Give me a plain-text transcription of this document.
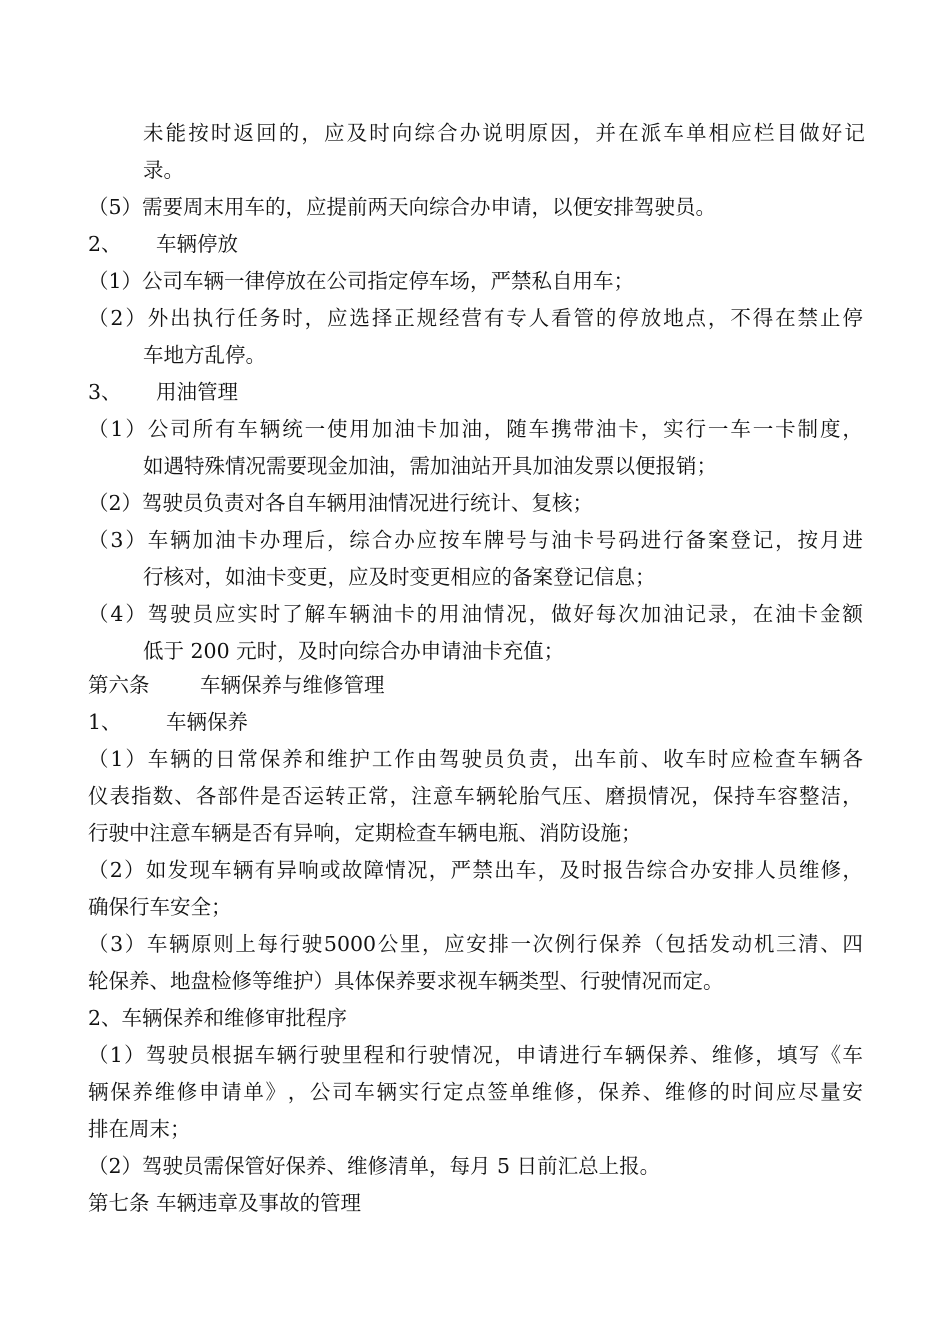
未 能 按 时 返 回 的 ， 应 及 时 向 综 合 办 说 明 原 因 ， 并 在 派 车 单 相 应 栏 目 做 好 记
录。
（5）需要周末用车的，应提前两天向综合办申请，以便安排驾驶员。
2、 车辆停放
（1）公司车辆一律停放在公司指定停车场，严禁私自用车；
（ 2 ） 外 出 执 行 任 务 时 ， 应 选 择 正 规 经 营 有 专 人 看 管 的 停 放 地 点 ， 不 得 在 禁 止 停
车地方乱停。
3、 用油管理
（ 1 ） 公 司 所 有 车 辆 统 一 使 用 加 油 卡 加 油 ， 随 车 携 带 油 卡 ， 实 行 一 车 一 卡 制 度 ，
如遇特殊情况需要现金加油，需加油站开具加油发票以便报销；
（2）驾驶员负责对各自车辆用油情况进行统计、复核；
（ 3 ） 车 辆 加 油 卡 办 理 后 ， 综 合 办 应 按 车 牌 号 与 油 卡 号 码 进 行 备 案 登 记 ， 按 月 进
行核对，如油卡变更，应及时变更相应的备案登记信息；
（ 4 ） 驾 驶 员 应 实 时 了 解 车 辆 油 卡 的 用 油 情 况 ， 做 好 每 次 加 油 记 录 ， 在 油 卡 金 额
低于 200 元时，及时向综合办申请油卡充值；
第六条 车辆保养与维修管理
1、 车辆保养
（ 1 ） 车 辆 的 日 常 保 养 和 维 护 工 作 由 驾 驶 员 负 责 ， 出 车 前 、 收 车 时 应 检 查 车 辆 各
仪 表 指 数 、 各 部 件 是 否 运 转 正 常 ， 注 意 车 辆 轮 胎 气 压 、 磨 损 情 况 ， 保 持 车 容 整 洁 ，
行驶中注意车辆是否有异响，定期检查车辆电瓶、消防设施；
（ 2 ） 如 发 现 车 辆 有 异 响 或 故 障 情 况 ， 严 禁 出 车 ， 及 时 报 告 综 合 办 安 排 人 员 维 修 ，
确保行车安全；
（ 3 ） 车 辆 原 则 上 每 行 驶 5000 公 里 ， 应 安 排 一 次 例 行 保 养 （ 包 括 发 动 机 三 清 、 四
轮保养、地盘检修等维护）具体保养要求视车辆类型、行驶情况而定。
2、车辆保养和维修审批程序
（ 1 ） 驾 驶 员 根 据 车 辆 行 驶 里 程 和 行 驶 情 况 ， 申 请 进 行 车 辆 保 养 、 维 修 ， 填 写 《 车
辆 保 养 维 修 申 请 单 》 ， 公 司 车 辆 实 行 定 点 签 单 维 修 ， 保 养 、 维 修 的 时 间 应 尽 量 安
排在周末；
（2）驾驶员需保管好保养、维修清单，每月 5 日前汇总上报。
第七条 车辆违章及事故的管理
